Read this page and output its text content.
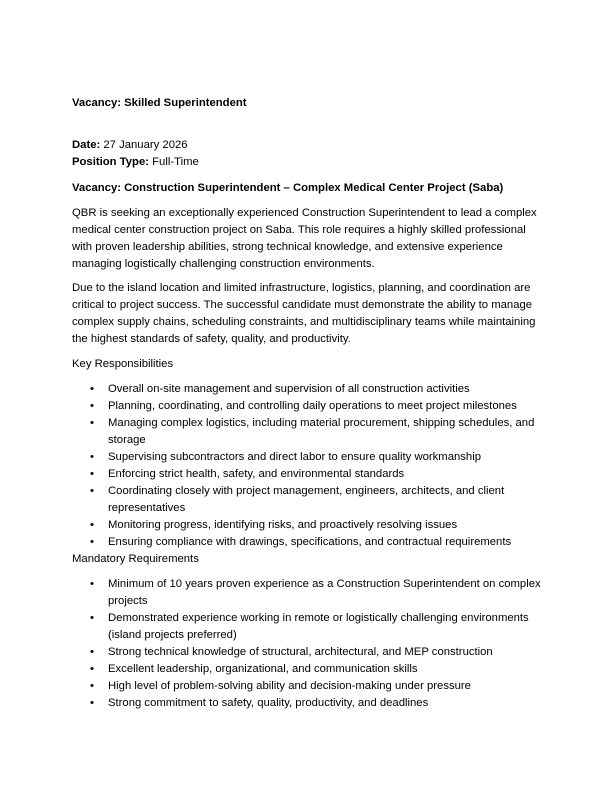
Vacancy: Skilled Superintendent
Date: 27 January 2026
Position Type: Full-Time
Vacancy: Construction Superintendent – Complex Medical Center Project (Saba)
QBR is seeking an exceptionally experienced Construction Superintendent to lead a complex medical center construction project on Saba. This role requires a highly skilled professional with proven leadership abilities, strong technical knowledge, and extensive experience managing logistically challenging construction environments.
Due to the island location and limited infrastructure, logistics, planning, and coordination are critical to project success. The successful candidate must demonstrate the ability to manage complex supply chains, scheduling constraints, and multidisciplinary teams while maintaining the highest standards of safety, quality, and productivity.
Key Responsibilities
• Overall on-site management and supervision of all construction activities
• Planning, coordinating, and controlling daily operations to meet project milestones
• Managing complex logistics, including material procurement, shipping schedules, and storage
• Supervising subcontractors and direct labor to ensure quality workmanship
• Enforcing strict health, safety, and environmental standards
• Coordinating closely with project management, engineers, architects, and client representatives
• Monitoring progress, identifying risks, and proactively resolving issues
• Ensuring compliance with drawings, specifications, and contractual requirements
Mandatory Requirements
• Minimum of 10 years proven experience as a Construction Superintendent on complex projects
• Demonstrated experience working in remote or logistically challenging environments (island projects preferred)
• Strong technical knowledge of structural, architectural, and MEP construction
• Excellent leadership, organizational, and communication skills
• High level of problem-solving ability and decision-making under pressure
• Strong commitment to safety, quality, productivity, and deadlines
